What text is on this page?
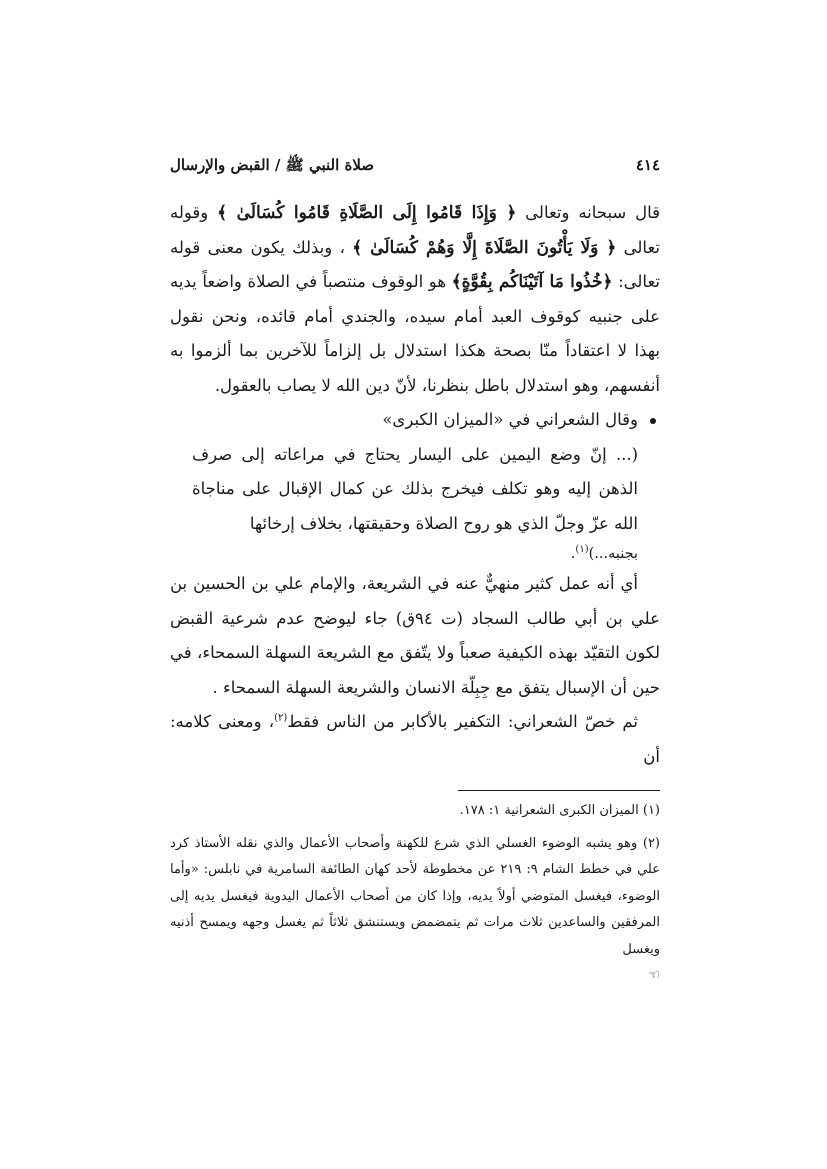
٤١٤
صلاة النبي ﷺ / القبض والإرسال

قال سبحانه وتعالى ﴿ وَإِذَا قَامُوا إِلَى الصَّلَاةِ قَامُوا كُسَالَىٰ ﴾ وقوله تعالى ﴿ وَلَا يَأْتُونَ الصَّلَاةَ إِلَّا وَهُمْ كُسَالَىٰ ﴾ ، وبذلك يكون معنى قوله تعالى: ﴿خُذُوا مَا آتَيْنَاكُم بِقُوَّةٍ﴾ هو الوقوف منتصباً في الصلاة واضعاً يديه على جنبيه كوقوف العبد أمام سيده، والجندي أمام قائده، ونحن نقول بهذا لا اعتقاداً منّا بصحة هكذا استدلال بل إلزاماً للآخرين بما ألزموا به أنفسهم، وهو استدلال باطل بنظرنا، لأنّ دين الله لا يصاب بالعقول.

وقال الشعراني في «الميزان الكبرى»

(... إنّ وضع اليمين على اليسار يحتاج في مراعاته إلى صرف الذهن إليه وهو تكلف فيخرج بذلك عن كمال الإقبال على مناجاة الله عزّ وجلّ الذي هو روح الصلاة وحقيقتها، بخلاف إرخائها

بجنبه...)$^{(١)}$.

أي أنه عمل كثير منهيٌّ عنه في الشريعة، والإمام علي بن الحسين بن علي بن أبي طالب السجاد (ت ٩٤ق) جاء ليوضح عدم شرعية القبض لكون التقيّد بهذه الكيفية صعباً ولا يتّفق مع الشريعة السهلة السمحاء، في حين أن الإسبال يتفق مع جِبِلّة الانسان والشريعة السهلة السمحاء .

ثم خصّ الشعراني: التكفير بالأكابر من الناس فقط$^{(٢)}$، ومعنى كلامه: أن

(١) الميزان الكبرى الشعرانية ١: ١٧٨.

(٢) وهو يشبه الوضوء الغسلي الذي شرع للكهنة وأصحاب الأعمال والذي نقله الأستاذ كرد علي في خطط الشام ٩: ٢١٩ عن مخطوطة لأحد كهان الطائفة السامرية في نابلس: «وأما الوضوء، فيغسل المتوضي أولاً يديه، وإذا كان من أصحاب الأعمال اليدوية فيغسل يديه إلى المرفقين والساعدين ثلاث مرات ثم يتمضمض ويستنشق ثلاثاً ثم يغسل وجهه ويمسح أذنيه ويغسل
☜
